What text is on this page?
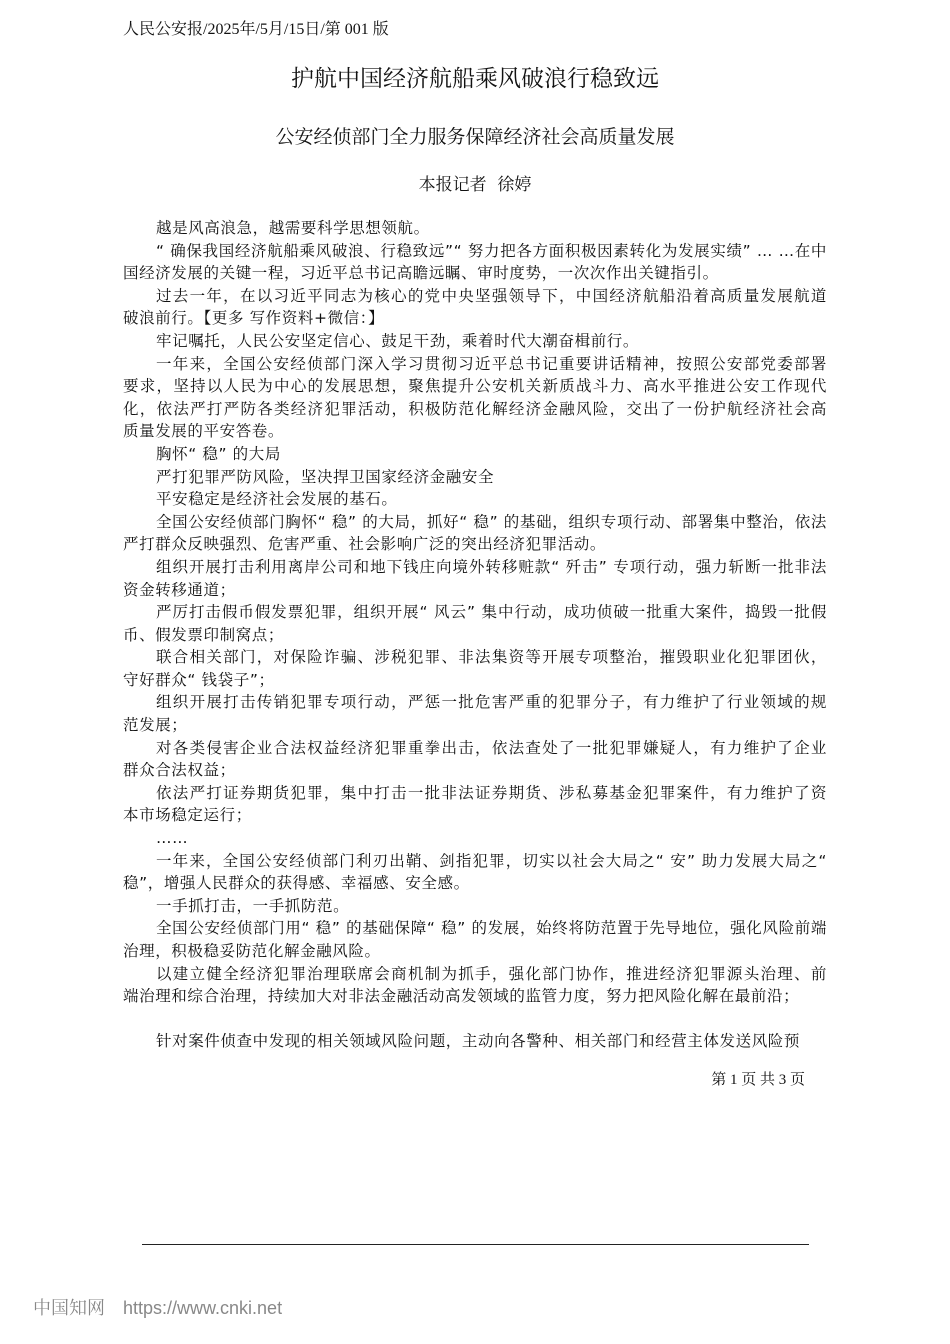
人民公安报/2025年/5月/15日/第 001 版
护航中国经济航船乘风破浪行稳致远
公安经侦部门全力服务保障经济社会高质量发展
本报记者  徐婷
越是风高浪急，越需要科学思想领航。
“ 确保我国经济航船乘风破浪、行稳致远”“ 努力把各方面积极因素转化为发展实绩” … …在中
国经济发展的关键一程，习近平总书记高瞻远瞩、审时度势，一次次作出关键指引。
过去一年，在以习近平同志为核心的党中央坚强领导下，中国经济航船沿着高质量发展航道
破浪前行。【更多 写作资料+微信：】
牢记嘱托，人民公安坚定信心、鼓足干劲，乘着时代大潮奋楫前行。
一年来，全国公安经侦部门深入学习贯彻习近平总书记重要讲话精神，按照公安部党委部署
要求，坚持以人民为中心的发展思想，聚焦提升公安机关新质战斗力、高水平推进公安工作现代
化，依法严打严防各类经济犯罪活动，积极防范化解经济金融风险，交出了一份护航经济社会高
质量发展的平安答卷。
胸怀“ 稳” 的大局
严打犯罪严防风险，坚决捍卫国家经济金融安全
平安稳定是经济社会发展的基石。
全国公安经侦部门胸怀“ 稳” 的大局，抓好“ 稳” 的基础，组织专项行动、部署集中整治，依法
严打群众反映强烈、危害严重、社会影响广泛的突出经济犯罪活动。
组织开展打击利用离岸公司和地下钱庄向境外转移赃款“ 歼击” 专项行动，强力斩断一批非法
资金转移通道；
严厉打击假币假发票犯罪，组织开展“ 风云” 集中行动，成功侦破一批重大案件，捣毁一批假
币、假发票印制窝点；
联合相关部门，对保险诈骗、涉税犯罪、非法集资等开展专项整治，摧毁职业化犯罪团伙，
守好群众“ 钱袋子”；
组织开展打击传销犯罪专项行动，严惩一批危害严重的犯罪分子，有力维护了行业领域的规
范发展；
对各类侵害企业合法权益经济犯罪重拳出击，依法查处了一批犯罪嫌疑人，有力维护了企业
群众合法权益；
依法严打证券期货犯罪，集中打击一批非法证券期货、涉私募基金犯罪案件，有力维护了资
本市场稳定运行；
……
一年来，全国公安经侦部门利刃出鞘、剑指犯罪，切实以社会大局之“ 安” 助力发展大局之“
稳”，增强人民群众的获得感、幸福感、安全感。
一手抓打击，一手抓防范。
全国公安经侦部门用“ 稳” 的基础保障“ 稳” 的发展，始终将防范置于先导地位，强化风险前端
治理，积极稳妥防范化解金融风险。
以建立健全经济犯罪治理联席会商机制为抓手，强化部门协作，推进经济犯罪源头治理、前
端治理和综合治理，持续加大对非法金融活动高发领域的监管力度，努力把风险化解在最前沿；
针对案件侦查中发现的相关领域风险问题，主动向各警种、相关部门和经营主体发送风险预
第 1 页 共 3 页
中国知网 https://www.cnki.net
